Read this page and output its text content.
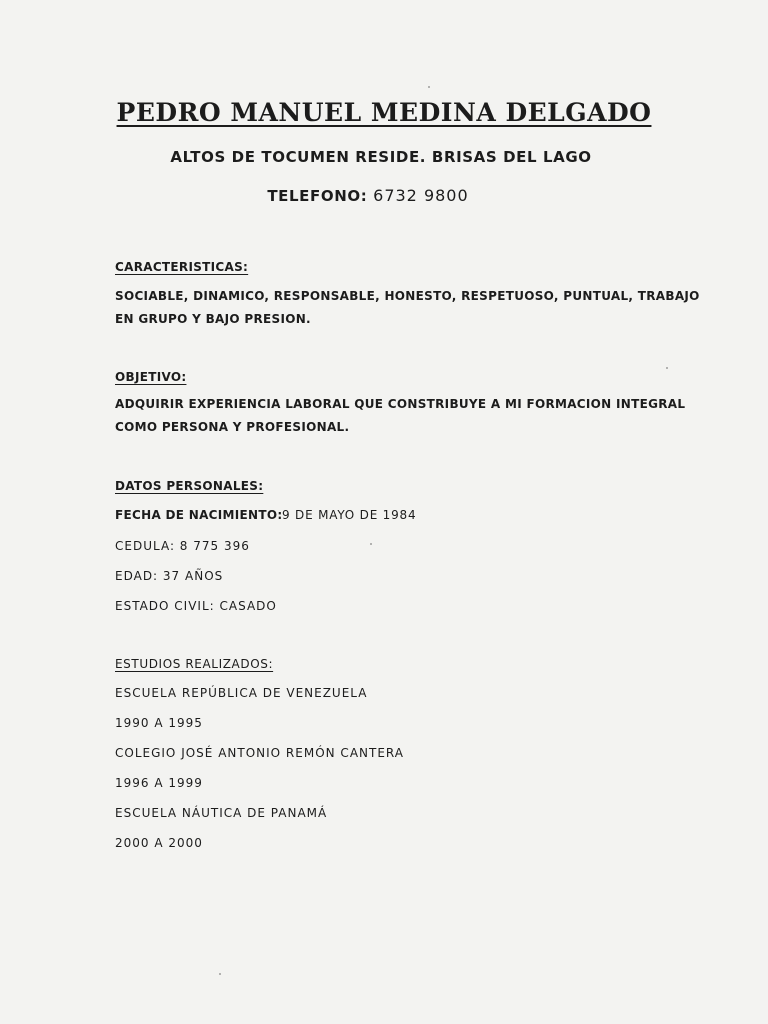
PEDRO MANUEL MEDINA DELGADO
ALTOS DE TOCUMEN RESIDE. BRISAS DEL LAGO
TELEFONO: 6732 9800
CARACTERISTICAS:
SOCIABLE, DINAMICO, RESPONSABLE, HONESTO, RESPETUOSO, PUNTUAL, TRABAJO
EN GRUPO Y BAJO PRESION.
OBJETIVO:
ADQUIRIR EXPERIENCIA LABORAL QUE CONSTRIBUYE A MI FORMACION INTEGRAL
COMO PERSONA Y PROFESIONAL.
DATOS PERSONALES:
FECHA DE NACIMIENTO: 9 DE MAYO DE 1984
CEDULA: 8 775 396
EDAD: 37 AÑOS
ESTADO CIVIL: CASADO
ESTUDIOS REALIZADOS:
ESCUELA REPÚBLICA DE VENEZUELA
1990 A 1995
COLEGIO JOSÉ ANTONIO REMÓN CANTERA
1996 A 1999
ESCUELA NÁUTICA DE PANAMÁ
2000 A 2000
